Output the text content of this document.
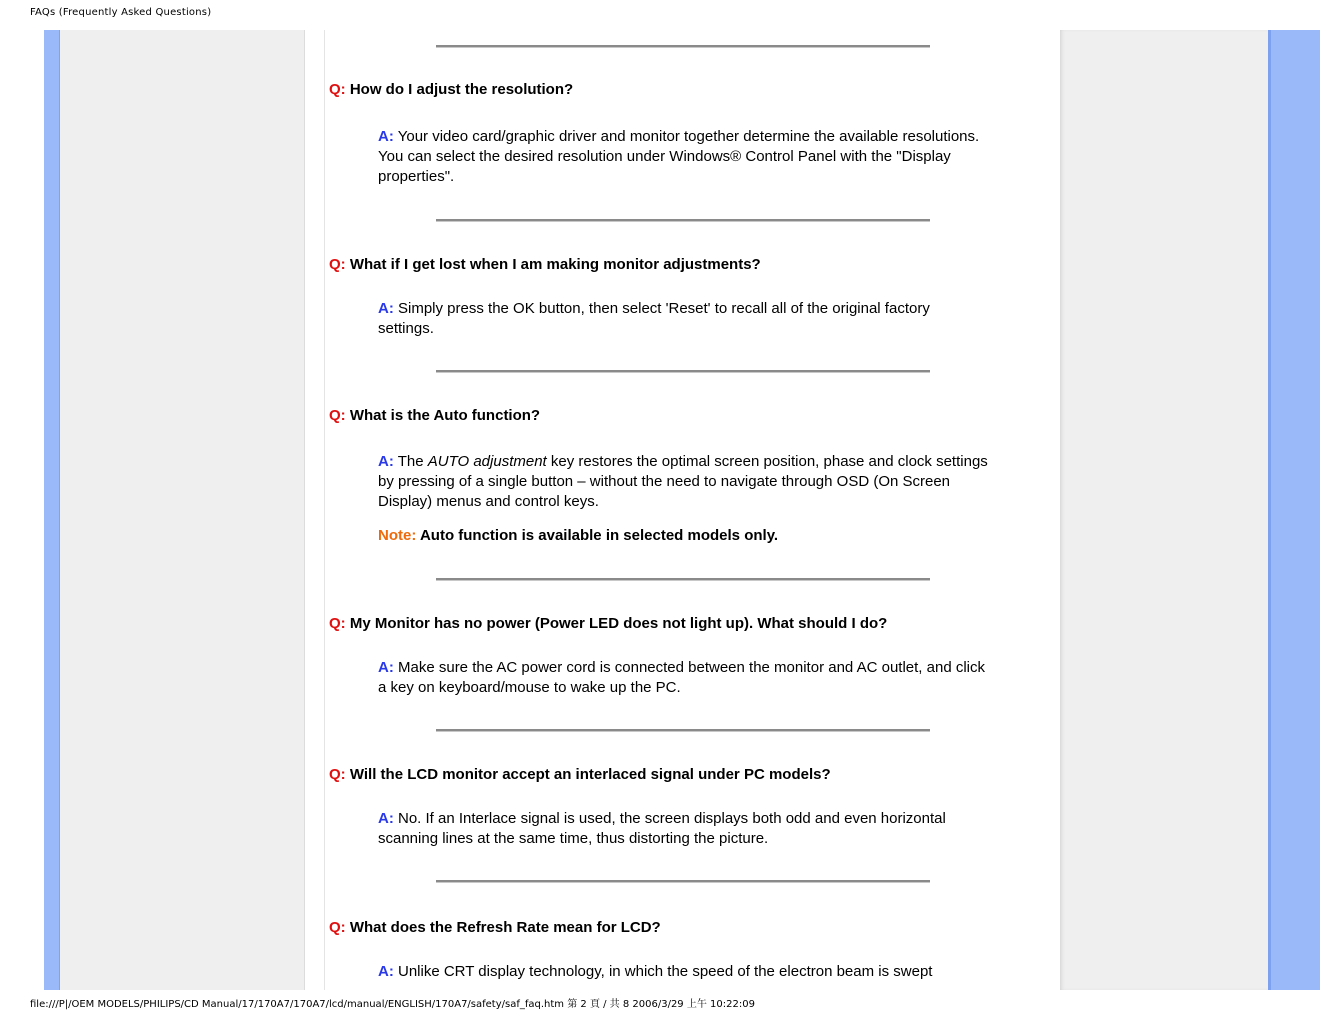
FAQs (Frequently Asked Questions)
Q: How do I adjust the resolution?
A: Your video card/graphic driver and monitor together determine the available resolutions. You can select the desired resolution under Windows® Control Panel with the "Display properties".
Q: What if I get lost when I am making monitor adjustments?
A: Simply press the OK button, then select 'Reset' to recall all of the original factory settings.
Q: What is the Auto function?
A: The AUTO adjustment key restores the optimal screen position, phase and clock settings by pressing of a single button – without the need to navigate through OSD (On Screen Display) menus and control keys.
Note: Auto function is available in selected models only.
Q: My Monitor has no power (Power LED does not light up). What should I do?
A: Make sure the AC power cord is connected between the monitor and AC outlet, and click a key on keyboard/mouse to wake up the PC.
Q: Will the LCD monitor accept an interlaced signal under PC models?
A: No. If an Interlace signal is used, the screen displays both odd and even horizontal scanning lines at the same time, thus distorting the picture.
Q: What does the Refresh Rate mean for LCD?
A: Unlike CRT display technology, in which the speed of the electron beam is swept
file:///P|/OEM MODELS/PHILIPS/CD Manual/17/170A7/170A7/lcd/manual/ENGLISH/170A7/safety/saf_faq.htm 第 2 頁 / 共 8 2006/3/29 上午 10:22:09
